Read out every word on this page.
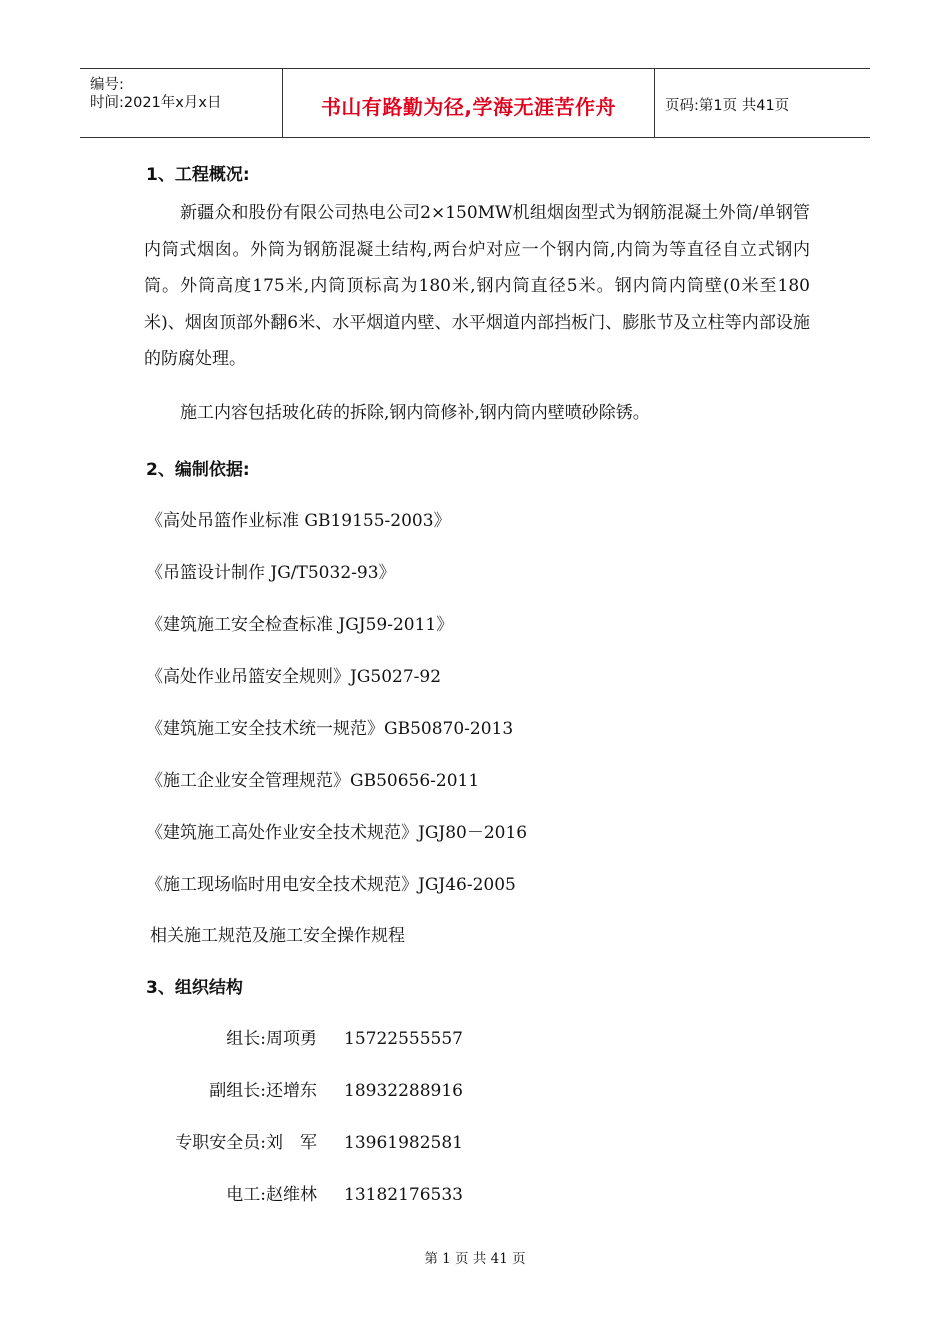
编号:
时间:2021年x月x日	书山有路勤为径,学海无涯苦作舟	页码:第1页 共41页
1、工程概况:

新疆众和股份有限公司热电公司2×150MW机组烟囱型式为钢筋混凝土外筒/单钢管内筒式烟囱。外筒为钢筋混凝土结构,两台炉对应一个钢内筒,内筒为等直径自立式钢内筒。外筒高度175米,内筒顶标高为180米,钢内筒直径5米。钢内筒内筒壁(0米至180米)、烟囱顶部外翻6米、水平烟道内壁、水平烟道内部挡板门、膨胀节及立柱等内部设施的防腐处理。

施工内容包括玻化砖的拆除,钢内筒修补,钢内筒内壁喷砂除锈。

2、编制依据:
《高处吊篮作业标准 GB19155-2003》
《吊篮设计制作 JG/T5032-93》
《建筑施工安全检查标准 JGJ59-2011》
《高处作业吊篮安全规则》JG5027-92
《建筑施工安全技术统一规范》GB50870-2013
《施工企业安全管理规范》GB50656-2011
《建筑施工高处作业安全技术规范》JGJ80－2016
《施工现场临时用电安全技术规范》JGJ46-2005
相关施工规范及施工安全操作规程
3、组织结构
组长:周项勇 15722555557
副组长:还增东 18932288916
专职安全员:刘　军 13961982581
电工:赵维林 13182176533
第 1 页 共 41 页
